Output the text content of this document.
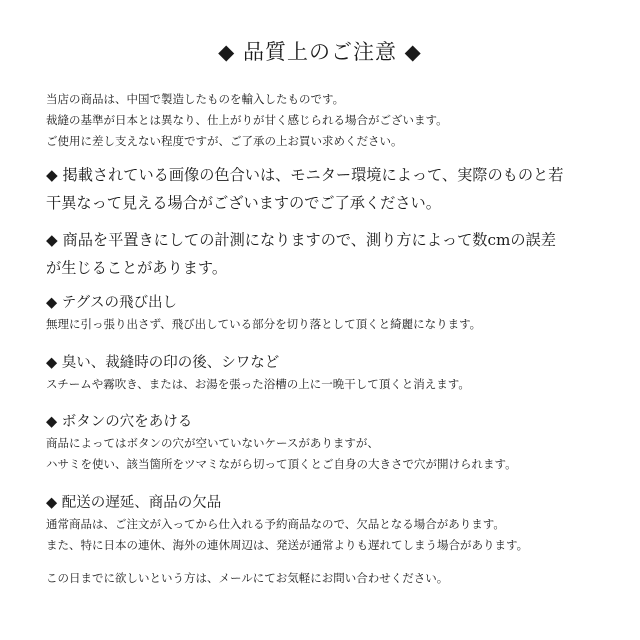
◆ 品質上のご注意 ◆
当店の商品は、中国で製造したものを輸入したものです。
裁縫の基準が日本とは異なり、仕上がりが甘く感じられる場合がございます。
ご使用に差し支えない程度ですが、ご了承の上お買い求めください。
◆ 掲載されている画像の色合いは、モニター環境によって、実際のものと若
干異なって見える場合がございますのでご了承ください。
◆ 商品を平置きにしての計測になりますので、測り方によって数cmの誤差
が生じることがあります。
◆ テグスの飛び出し
無理に引っ張り出さず、飛び出している部分を切り落として頂くと綺麗になります。
◆ 臭い、裁縫時の印の後、シワなど
スチームや霧吹き、または、お湯を張った浴槽の上に一晩干して頂くと消えます。
◆ ボタンの穴をあける
商品によってはボタンの穴が空いていないケースがありますが、
ハサミを使い、該当箇所をツマミながら切って頂くとご自身の大きさで穴が開けられます。
◆ 配送の遅延、商品の欠品
通常商品は、ご注文が入ってから仕入れる予約商品なので、欠品となる場合があります。
また、特に日本の連休、海外の連休周辺は、発送が通常よりも遅れてしまう場合があります。
この日までに欲しいという方は、メールにてお気軽にお問い合わせください。
